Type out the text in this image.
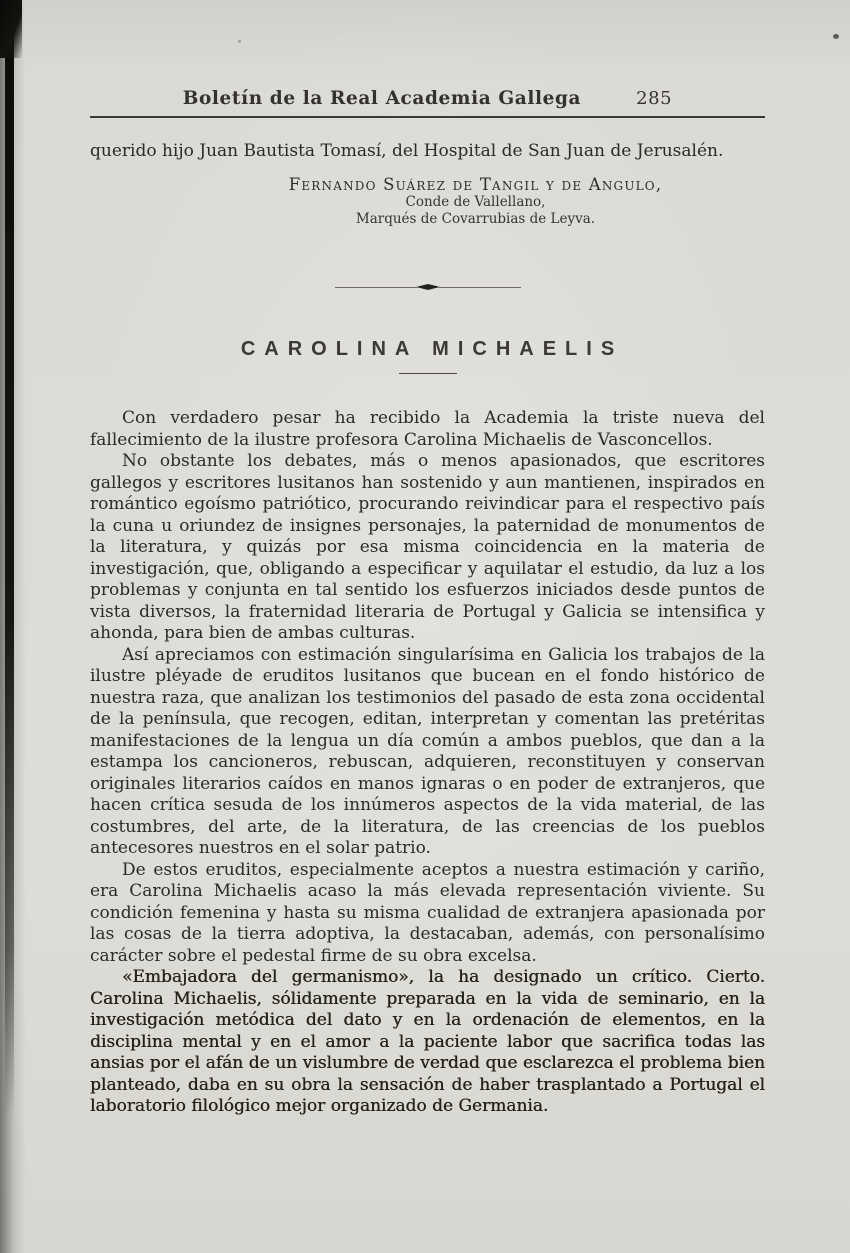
Boletín de la Real Academia Gallega	285

querido hijo Juan Bautista Tomasí, del Hospital de San Juan de Jerusalén.

Fernando Suárez de Tangil y de Angulo,
Conde de Vallellano,
Marqués de Covarrubias de Leyva.
◆
CAROLINA MICHAELIS

Con verdadero pesar ha recibido la Academia la triste nueva del fallecimiento de la ilustre profesora Carolina Michaelis de Vasconcellos.

No obstante los debates, más o menos apasionados, que escritores gallegos y escritores lusitanos han sostenido y aun mantienen, inspirados en romántico egoísmo patriótico, procurando reivindicar para el respectivo país la cuna u oriundez de insignes personajes, la paternidad de monumentos de la literatura, y quizás por esa misma coincidencia en la materia de investigación, que, obligando a especificar y aquilatar el estudio, da luz a los problemas y conjunta en tal sentido los esfuerzos iniciados desde puntos de vista diversos, la fraternidad literaria de Portugal y Galicia se intensifica y ahonda, para bien de ambas culturas.

Así apreciamos con estimación singularísima en Galicia los trabajos de la ilustre pléyade de eruditos lusitanos que bucean en el fondo histórico de nuestra raza, que analizan los testimonios del pasado de esta zona occidental de la península, que recogen, editan, interpretan y comentan las pretéritas manifestaciones de la lengua un día común a ambos pueblos, que dan a la estampa los cancioneros, rebuscan, adquieren, reconstituyen y conservan originales literarios caídos en manos ignaras o en poder de extranjeros, que hacen crítica sesuda de los innúmeros aspectos de la vida material, de las costumbres, del arte, de la literatura, de las creencias de los pueblos antecesores nuestros en el solar patrio.

De estos eruditos, especialmente aceptos a nuestra estimación y cariño, era Carolina Michaelis acaso la más elevada representación viviente. Su condición femenina y hasta su misma cualidad de extranjera apasionada por las cosas de la tierra adoptiva, la destacaban, además, con personalísimo carácter sobre el pedestal firme de su obra excelsa.

«Embajadora del germanismo», la ha designado un crítico. Cierto. Carolina Michaelis, sólidamente preparada en la vida de seminario, en la investigación metódica del dato y en la ordenación de elementos, en la disciplina mental y en el amor a la paciente labor que sacrifica todas las ansias por el afán de un vislumbre de verdad que esclarezca el problema bien planteado, daba en su obra la sensación de haber trasplantado a Portugal el laboratorio filológico mejor organizado de Germania.
